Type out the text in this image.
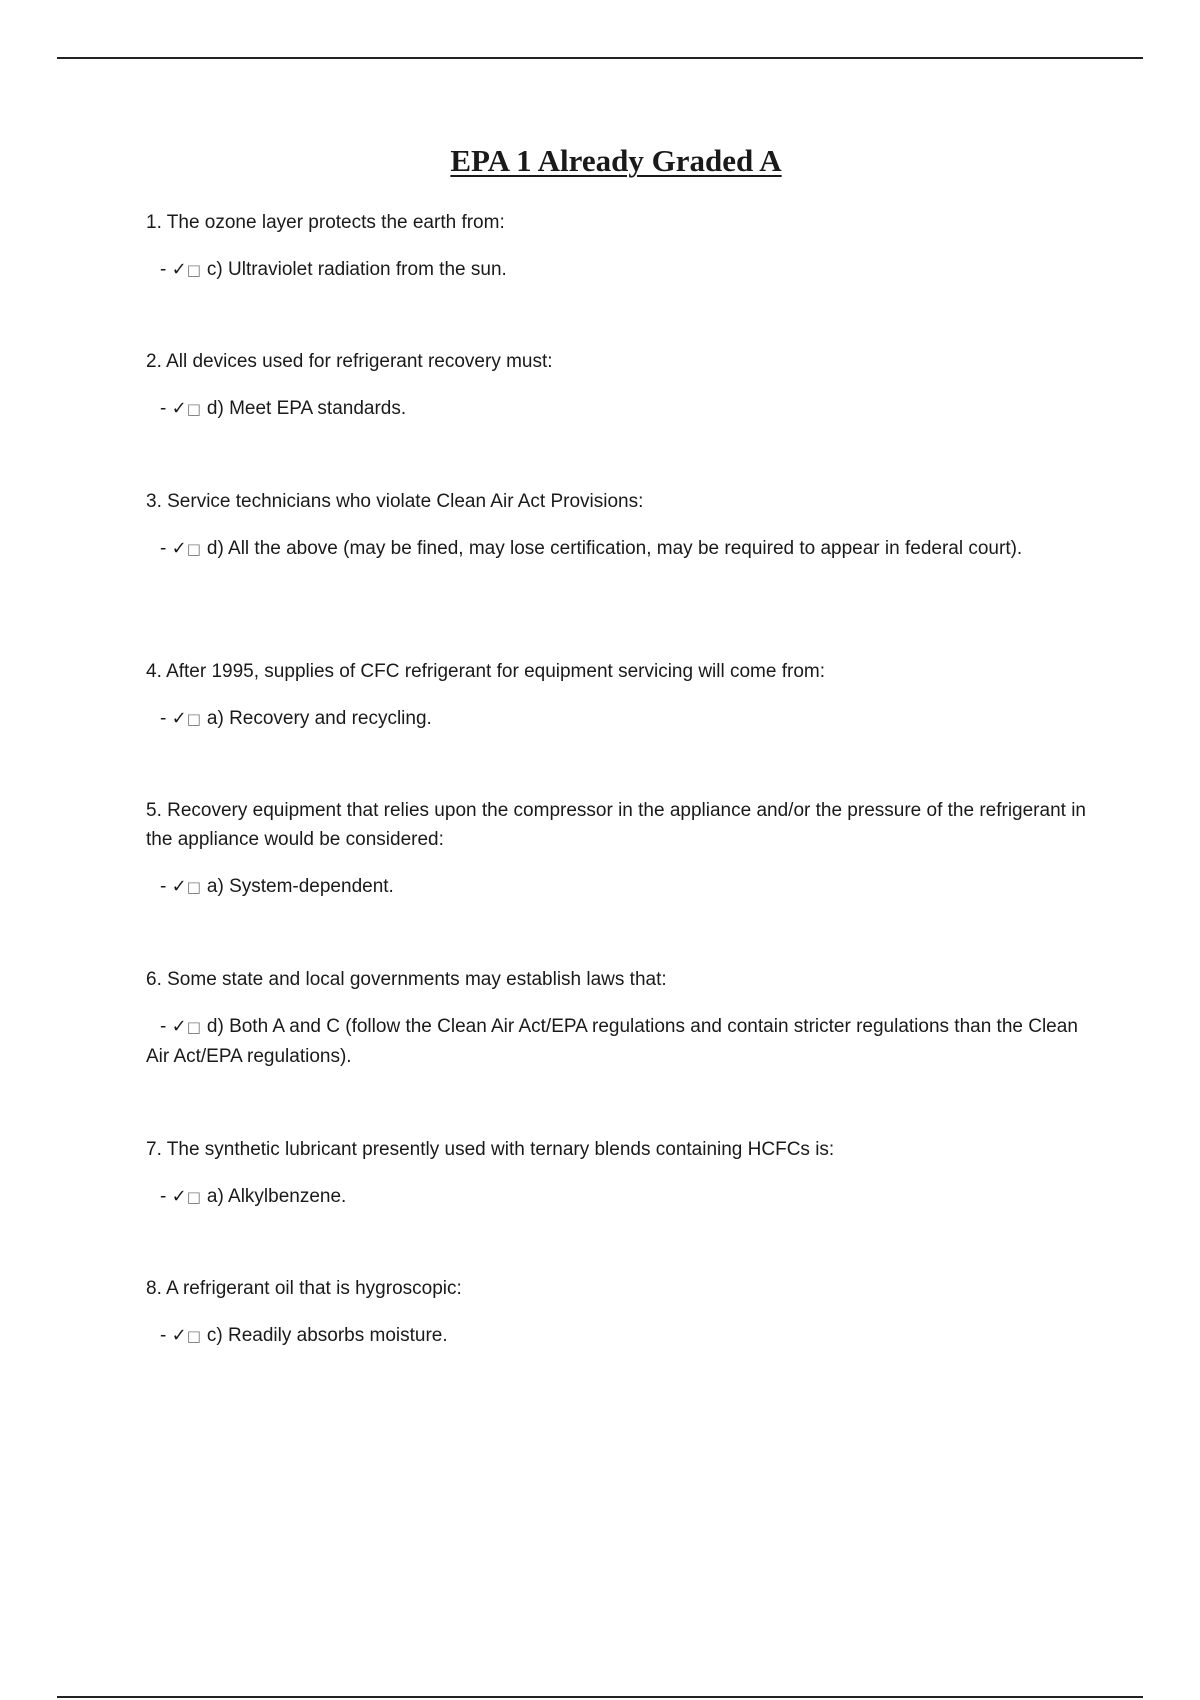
EPA 1 Already Graded A

1. The ozone layer protects the earth from:

- ✓□ c) Ultraviolet radiation from the sun.

2. All devices used for refrigerant recovery must:

- ✓□ d) Meet EPA standards.

3. Service technicians who violate Clean Air Act Provisions:

- ✓□ d) All the above (may be fined, may lose certification, may be required to appear in federal court).

4. After 1995, supplies of CFC refrigerant for equipment servicing will come from:

- ✓□ a) Recovery and recycling.

5. Recovery equipment that relies upon the compressor in the appliance and/or the pressure of the refrigerant in the appliance would be considered:

- ✓□ a) System-dependent.

6. Some state and local governments may establish laws that:

- ✓□ d) Both A and C (follow the Clean Air Act/EPA regulations and contain stricter regulations than the Clean Air Act/EPA regulations).

7. The synthetic lubricant presently used with ternary blends containing HCFCs is:

- ✓□ a) Alkylbenzene.

8. A refrigerant oil that is hygroscopic:

- ✓□ c) Readily absorbs moisture.
